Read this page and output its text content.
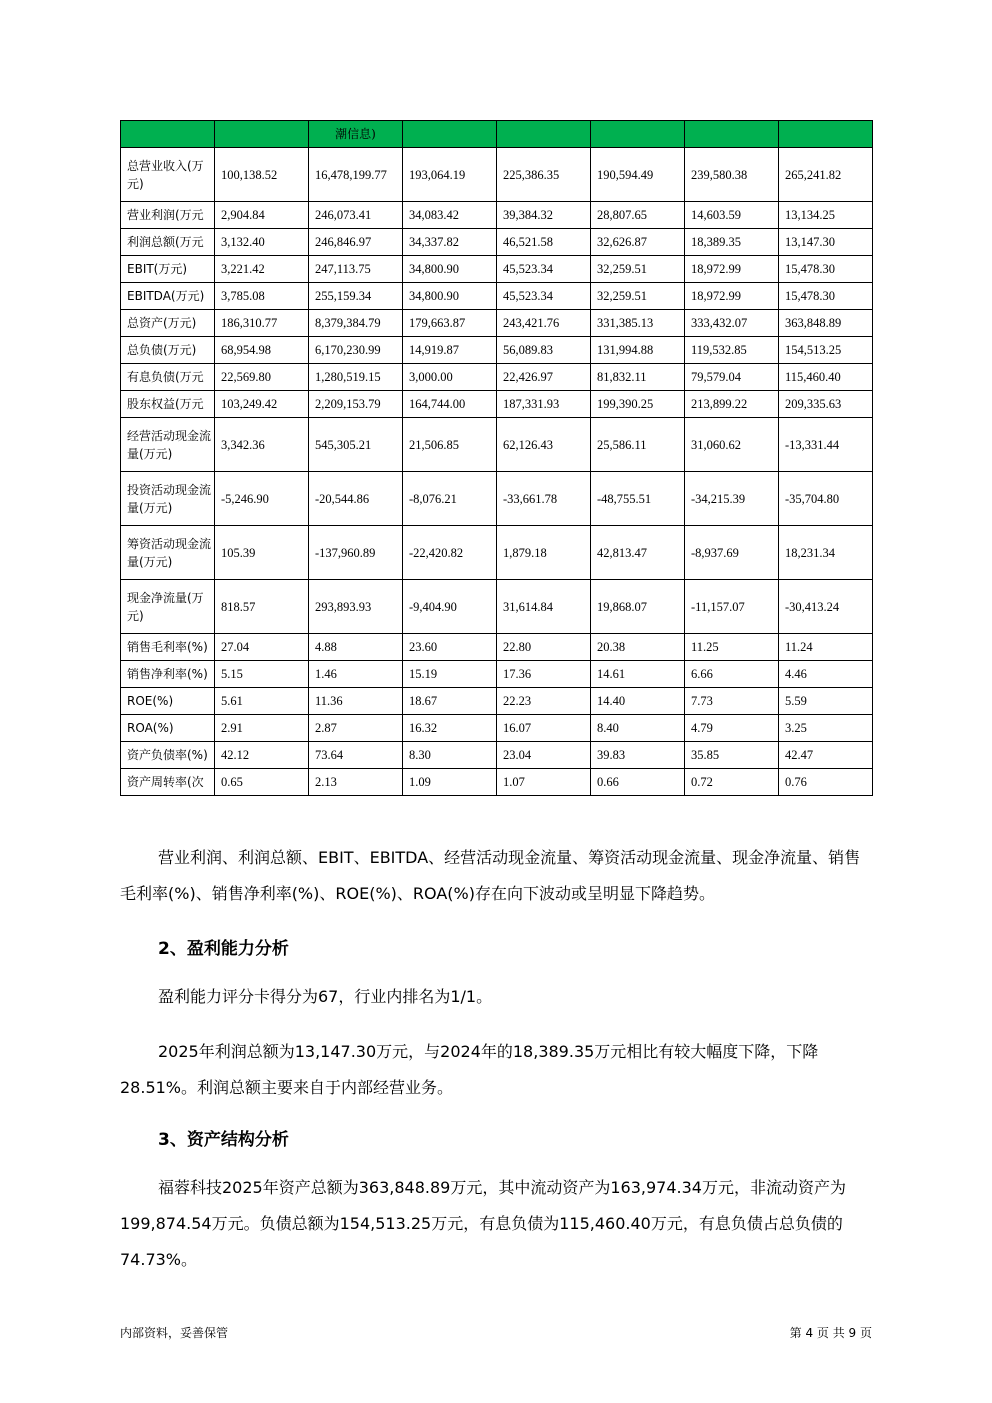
		潮信息)					
总营业收入(万元)	100,138.52	16,478,199.77	193,064.19	225,386.35	190,594.49	239,580.38	265,241.82
营业利润(万元	2,904.84	246,073.41	34,083.42	39,384.32	28,807.65	14,603.59	13,134.25
利润总额(万元	3,132.40	246,846.97	34,337.82	46,521.58	32,626.87	18,389.35	13,147.30
EBIT(万元)	3,221.42	247,113.75	34,800.90	45,523.34	32,259.51	18,972.99	15,478.30
EBITDA(万元)	3,785.08	255,159.34	34,800.90	45,523.34	32,259.51	18,972.99	15,478.30
总资产(万元)	186,310.77	8,379,384.79	179,663.87	243,421.76	331,385.13	333,432.07	363,848.89
总负债(万元)	68,954.98	6,170,230.99	14,919.87	56,089.83	131,994.88	119,532.85	154,513.25
有息负债(万元	22,569.80	1,280,519.15	3,000.00	22,426.97	81,832.11	79,579.04	115,460.40
股东权益(万元	103,249.42	2,209,153.79	164,744.00	187,331.93	199,390.25	213,899.22	209,335.63
经营活动现金流量(万元)	3,342.36	545,305.21	21,506.85	62,126.43	25,586.11	31,060.62	-13,331.44
投资活动现金流量(万元)	-5,246.90	-20,544.86	-8,076.21	-33,661.78	-48,755.51	-34,215.39	-35,704.80
筹资活动现金流量(万元)	105.39	-137,960.89	-22,420.82	1,879.18	42,813.47	-8,937.69	18,231.34
现金净流量(万元)	818.57	293,893.93	-9,404.90	31,614.84	19,868.07	-11,157.07	-30,413.24
销售毛利率(%)	27.04	4.88	23.60	22.80	20.38	11.25	11.24
销售净利率(%)	5.15	1.46	15.19	17.36	14.61	6.66	4.46
ROE(%)	5.61	11.36	18.67	22.23	14.40	7.73	5.59
ROA(%)	2.91	2.87	16.32	16.07	8.40	4.79	3.25
资产负债率(%)	42.12	73.64	8.30	23.04	39.83	35.85	42.47
资产周转率(次	0.65	2.13	1.09	1.07	0.66	0.72	0.76

营业利润、利润总额、EBIT、EBITDA、经营活动现金流量、筹资活动现金流量、现金净流量、销售毛利率(%)、销售净利率(%)、ROE(%)、ROA(%)存在向下波动或呈明显下降趋势。

2、盈利能力分析

盈利能力评分卡得分为67，行业内排名为1/1。

2025年利润总额为13,147.30万元，与2024年的18,389.35万元相比有较大幅度下降，下降28.51%。利润总额主要来自于内部经营业务。

3、资产结构分析

福蓉科技2025年资产总额为363,848.89万元，其中流动资产为163,974.34万元，非流动资产为199,874.54万元。负债总额为154,513.25万元，有息负债为115,460.40万元，有息负债占总负债的74.73%。

内部资料，妥善保管	第 4 页 共 9 页
